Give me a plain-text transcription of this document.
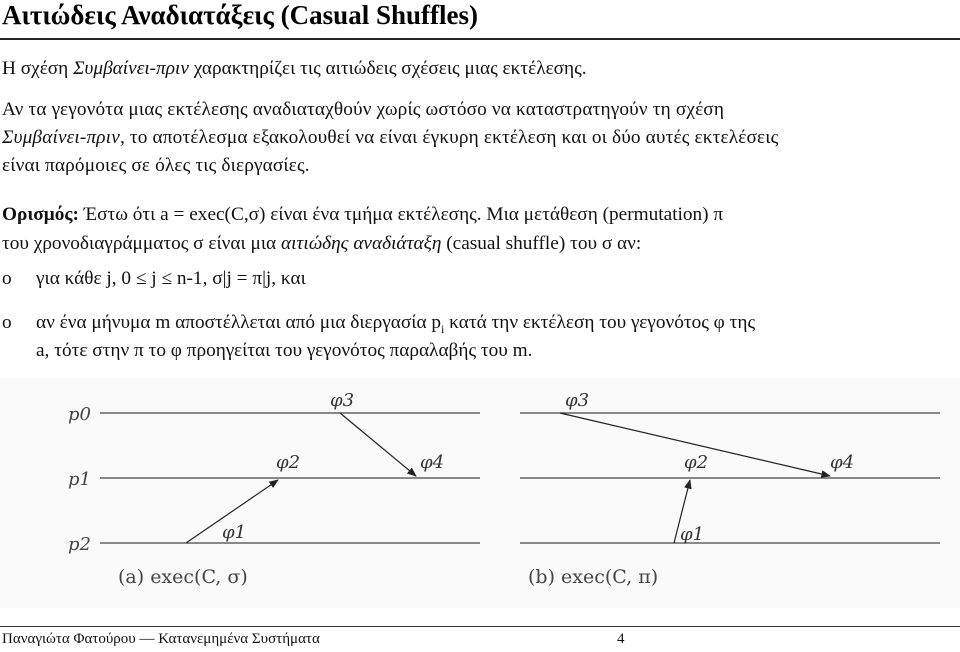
Αιτιώδεις Αναδιατάξεις (Casual Shuffles)
Η σχέση Συμβαίνει-πριν χαρακτηρίζει τις αιτιώδεις σχέσεις μιας εκτέλεσης.
Αν τα γεγονότα μιας εκτέλεσης αναδιαταχθούν χωρίς ωστόσο να καταστρατηγούν τη σχέση
Συμβαίνει-πριν, το αποτέλεσμα εξακολουθεί να είναι έγκυρη εκτέλεση και οι δύο αυτές εκτελέσεις
είναι παρόμοιες σε όλες τις διεργασίες.
Ορισμός: Έστω ότι a = exec(C,σ) είναι ένα τμήμα εκτέλεσης. Μια μετάθεση (permutation) π
του χρονοδιαγράμματος σ είναι μια αιτιώδης αναδιάταξη (casual shuffle) του σ αν:
o για κάθε j, 0 ≤ j ≤ n-1, σ|j = π|j, και
o αν ένα μήνυμα m αποστέλλεται από μια διεργασία $p_i$ κατά την εκτέλεση του γεγονότος φ της
a, τότε στην π το φ προηγείται του γεγονότος παραλαβής του m.
p0
p1
p2
φ3
φ2	φ4
φ1
φ3
φ2	φ4
φ1
(a) exec(C, σ)	(b) exec(C, π)
Παναγιώτα Φατούρου — Κατανεμημένα Συστήματα	4
